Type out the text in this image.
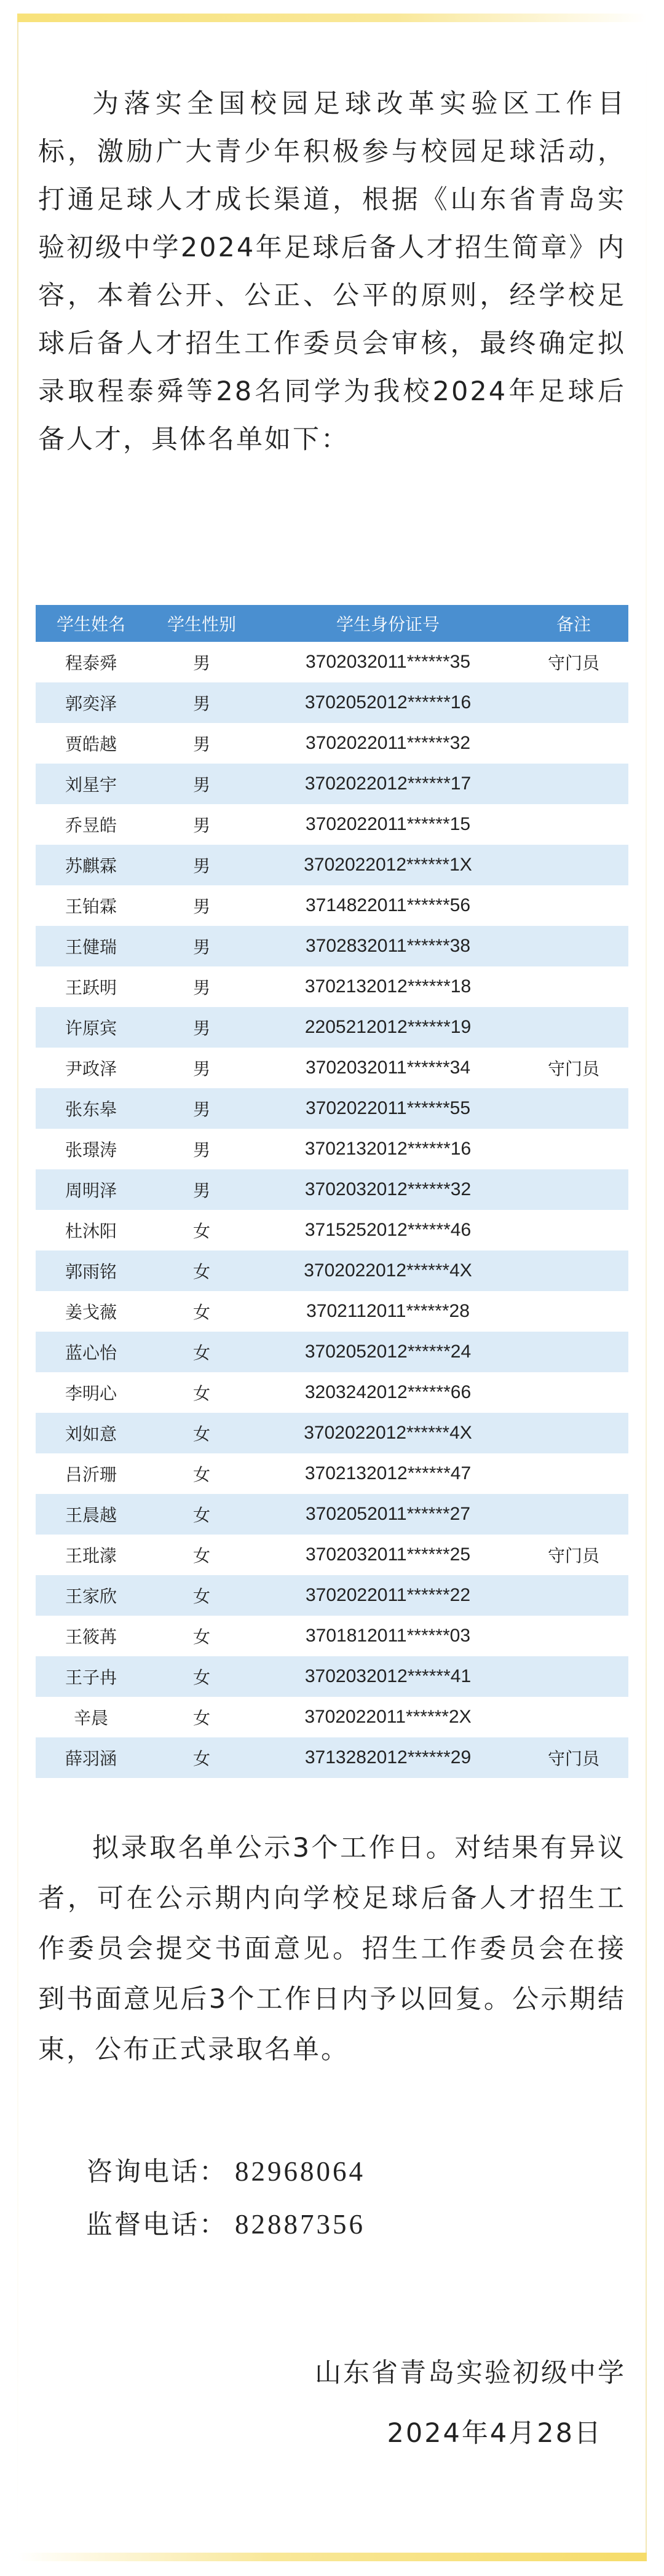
为落实全国校园足球改革实验区工作目标，激励广大青少年积极参与校园足球活动，打通足球人才成长渠道，根据《山东省青岛实验初级中学2024年足球后备人才招生简章》内容，本着公开、公正、公平的原则，经学校足球后备人才招生工作委员会审核，最终确定拟录取程泰舜等28名同学为我校2024年足球后备人才，具体名单如下：
学生姓名	学生性别	学生身份证号	备注
程泰舜	男	3702032011******35	守门员
郭奕泽	男	3702052012******16	
贾皓越	男	3702022011******32	
刘星宇	男	3702022012******17	
乔昱皓	男	3702022011******15	
苏麒霖	男	3702022012******1X	
王铂霖	男	3714822011******56	
王健瑞	男	3702832011******38	
王跃明	男	3702132012******18	
许原宾	男	2205212012******19	
尹政泽	男	3702032011******34	守门员
张东皋	男	3702022011******55	
张璟涛	男	3702132012******16	
周明泽	男	3702032012******32	
杜沐阳	女	3715252012******46	
郭雨铭	女	3702022012******4X	
姜戈薇	女	3702112011******28	
蓝心怡	女	3702052012******24	
李明心	女	3203242012******66	
刘如意	女	3702022012******4X	
吕沂珊	女	3702132012******47	
王晨越	女	3702052011******27	
王玭濛	女	3702032011******25	守门员
王家欣	女	3702022011******22	
王筱苒	女	3701812011******03	
王子冉	女	3702032012******41	
辛晨	女	3702022011******2X	
薛羽涵	女	3713282012******29	守门员
拟录取名单公示3个工作日。对结果有异议者，可在公示期内向学校足球后备人才招生工作委员会提交书面意见。招生工作委员会在接到书面意见后3个工作日内予以回复。公示期结束，公布正式录取名单。
咨询电话： 82968064
监督电话： 82887356
山东省青岛实验初级中学
2024年4月28日
